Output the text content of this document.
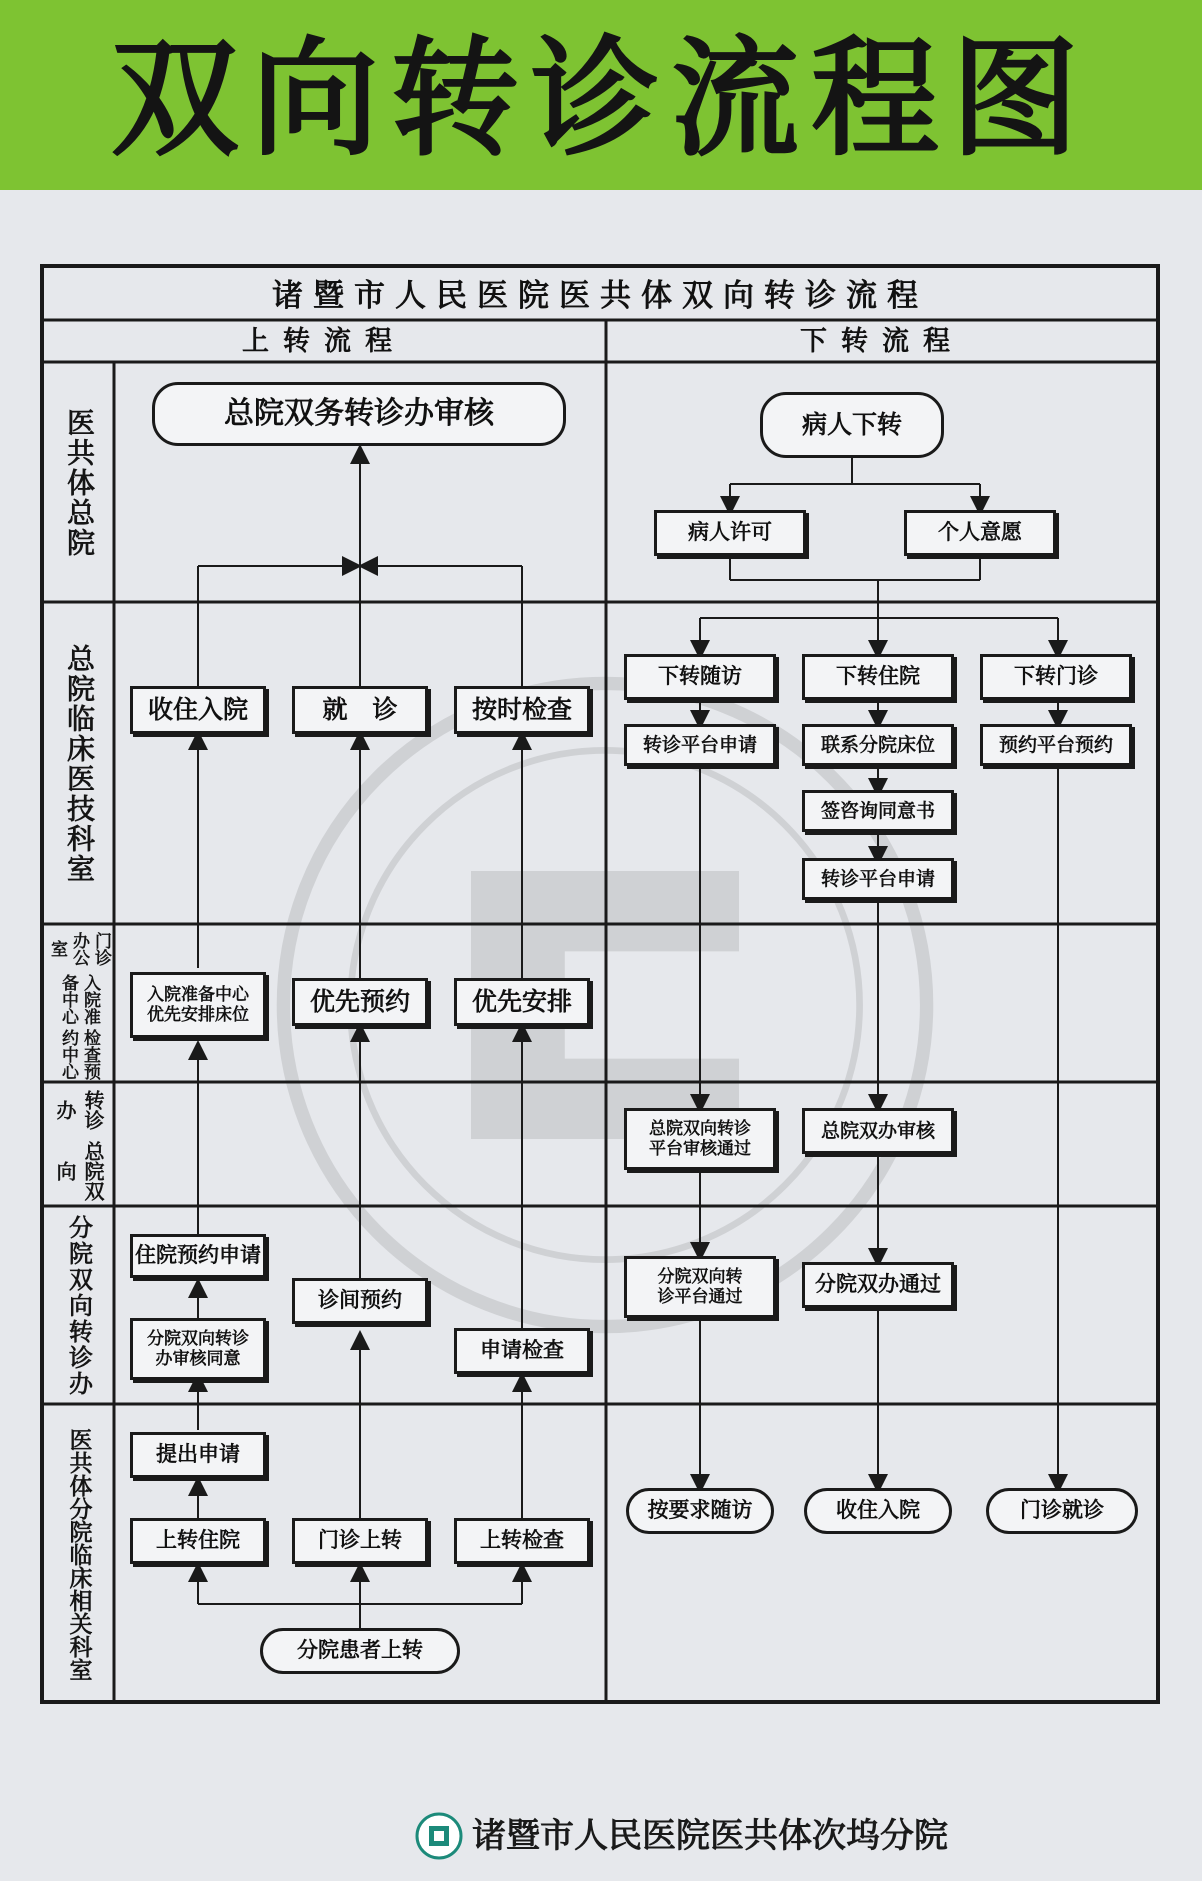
双向转诊流程图
诸暨市人民医院医共体双向转诊流程
上转流程	下转流程
医共体总院
总院临床医技科室
门诊办公室
入院准备中心
检查预约中心
转诊办
总院双向
分院双向转诊办
医共体分院临床相关科室
总院双务转诊办审核
收住入院	就　诊	按时检查
入院准备中心
优先安排床位	优先预约	优先安排
住院预约申请
分院双向转诊
办审核同意
诊间预约
申请检查
提出申请
上转住院	门诊上转	上转检查
分院患者上转
病人下转
病人许可	个人意愿
下转随访	下转住院	下转门诊
转诊平台申请	联系分院床位	预约平台预约
签咨询同意书
转诊平台申请
总院双向转诊
平台审核通过
总院双办审核
分院双向转
诊平台通过
分院双办通过
按要求随访	收住入院	门诊就诊
诸暨市人民医院医共体次坞分院
